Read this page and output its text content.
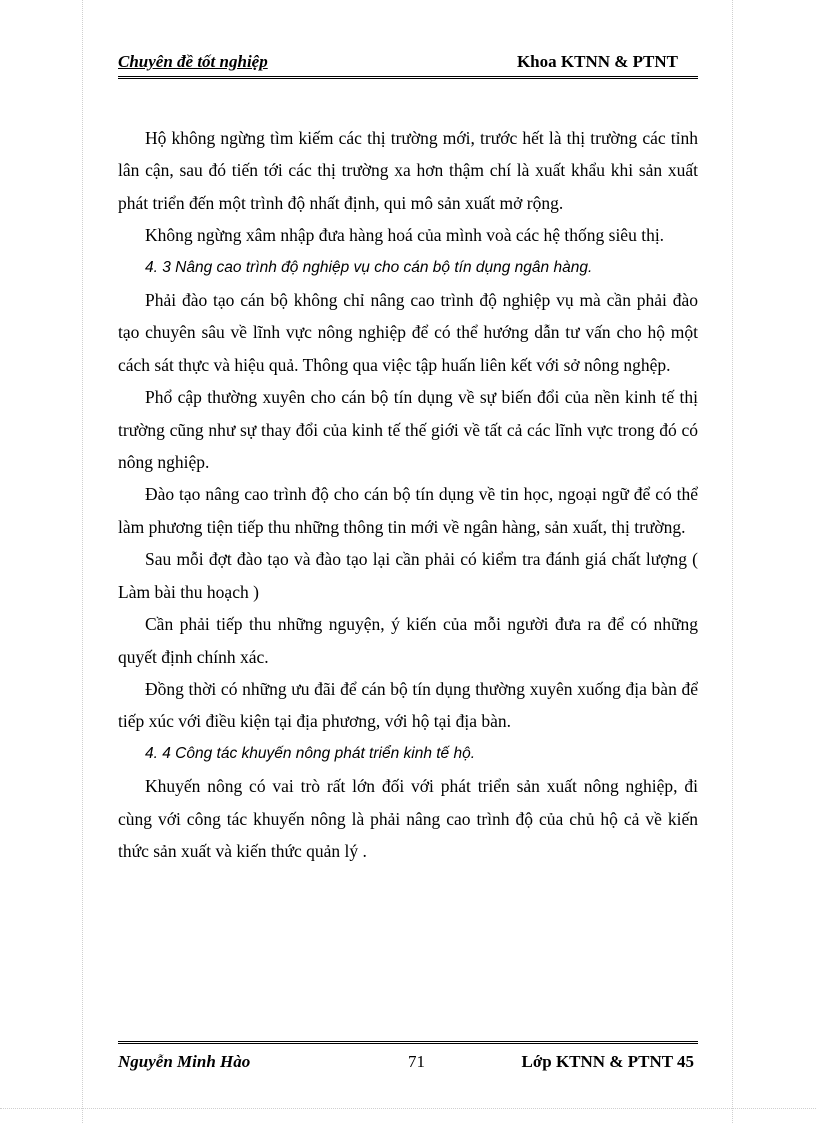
Chuyên đề tốt nghiệp	Khoa KTNN & PTNT

Hộ không ngừng tìm kiếm các thị trường mới, trước hết là thị trường các tỉnh lân cận, sau đó tiến tới các thị trường xa hơn thậm chí là xuất khẩu khi sản xuất phát triển đến một trình độ nhất định, qui mô sản xuất mở rộng.

Không ngừng xâm nhập đưa hàng hoá của mình voà các hệ thống siêu thị.

4. 3 Nâng cao trình độ nghiệp vụ cho cán bộ tín dụng ngân hàng.

Phải đào tạo cán bộ không chỉ nâng cao trình độ nghiệp vụ mà cần phải đào tạo chuyên sâu về lĩnh vực nông nghiệp để có thể hướng dẫn tư vấn cho hộ một cách sát thực và hiệu quả. Thông qua việc tập huấn liên kết với sở nông nghệp.

Phổ cập thường xuyên cho cán bộ tín dụng về sự biến đổi của nền kinh tế thị trường cũng như sự thay đổi của kinh tế thế giới về tất cả các lĩnh vực trong đó có nông nghiệp.

Đào tạo nâng cao trình độ cho cán bộ tín dụng về tin học, ngoại ngữ để có thể làm phương tiện tiếp thu những thông tin mới về ngân hàng, sản xuất, thị trường.

Sau mỗi đợt đào tạo và đào tạo lại cần phải có kiểm tra đánh giá chất lượng ( Làm bài thu hoạch )

Cần phải tiếp thu những nguyện, ý kiến của mỗi người đưa ra để có những quyết định chính xác.

Đồng thời có những ưu đãi để cán bộ tín dụng thường xuyên xuống địa bàn để tiếp xúc với điều kiện tại địa phương, với hộ tại địa bàn.

4. 4 Công tác khuyến nông phát triển kinh tế hộ.

Khuyến nông có vai trò rất lớn đối với phát triển sản xuất nông nghiệp, đi cùng với công tác khuyến nông là phải nâng cao trình độ của chủ hộ cả về kiến thức sản xuất và kiến thức quản lý .

Nguyễn Minh Hào	71	Lớp KTNN & PTNT 45
